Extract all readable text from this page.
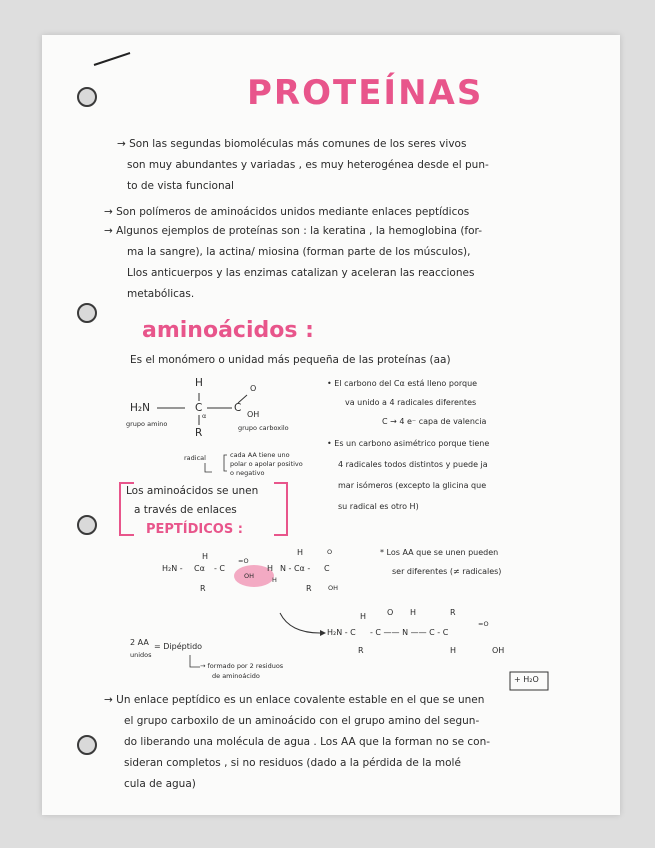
PROTEÍNAS
→ Son las segundas biomoléculas más comunes de los seres vivos
son muy abundantes y variadas , es muy heterogénea desde el pun-
to de vista funcional
→ Son polímeros de aminoácidos unidos mediante enlaces peptídicos
→ Algunos ejemplos de proteínas son : la keratina , la hemoglobina (for-
ma la sangre), la actina/ miosina (forman parte de los músculos),
Llos anticuerpos y las enzimas catalizan y aceleran las reacciones
metabólicas.
aminoácidos :
Es el monómero o unidad más pequeña de las proteínas (aa)
H
H₂N	C
α
C
O
OH
R
grupo amino	grupo carboxilo
radical	cada AA tiene uno
polar o apolar positivo
o negativo
• El carbono del Cα está lleno porque
va unido a 4 radicales diferentes
C → 4 e⁻ capa de valencia
• Es un carbono asimétrico porque tiene
4 radicales todos distintos y puede ja
mar isómeros (excepto la glicina que
su radical es otro H)
Los aminoácidos se unen
a través de enlaces
PEPTÍDICOS :
H
H₂N - Cα - C
=O
OH
R
H
H N - Cα - C
O
OH
R
H
* Los AA que se unen pueden
ser diferentes (≠ radicales)
H	O H	R
H₂N - C - C —— N —— C - C
=O
OH
R	H
2 AA
unidos
= Dipéptido
→ formado por 2 residuos
de aminoácido	+ H₂O
→ Un enlace peptídico es un enlace covalente estable en el que se unen
el grupo carboxilo de un aminoácido con el grupo amino del segun-
do liberando una molécula de agua . Los AA que la forman no se con-
sideran completos , si no residuos (dado a la pérdida de la molé
cula de agua)
